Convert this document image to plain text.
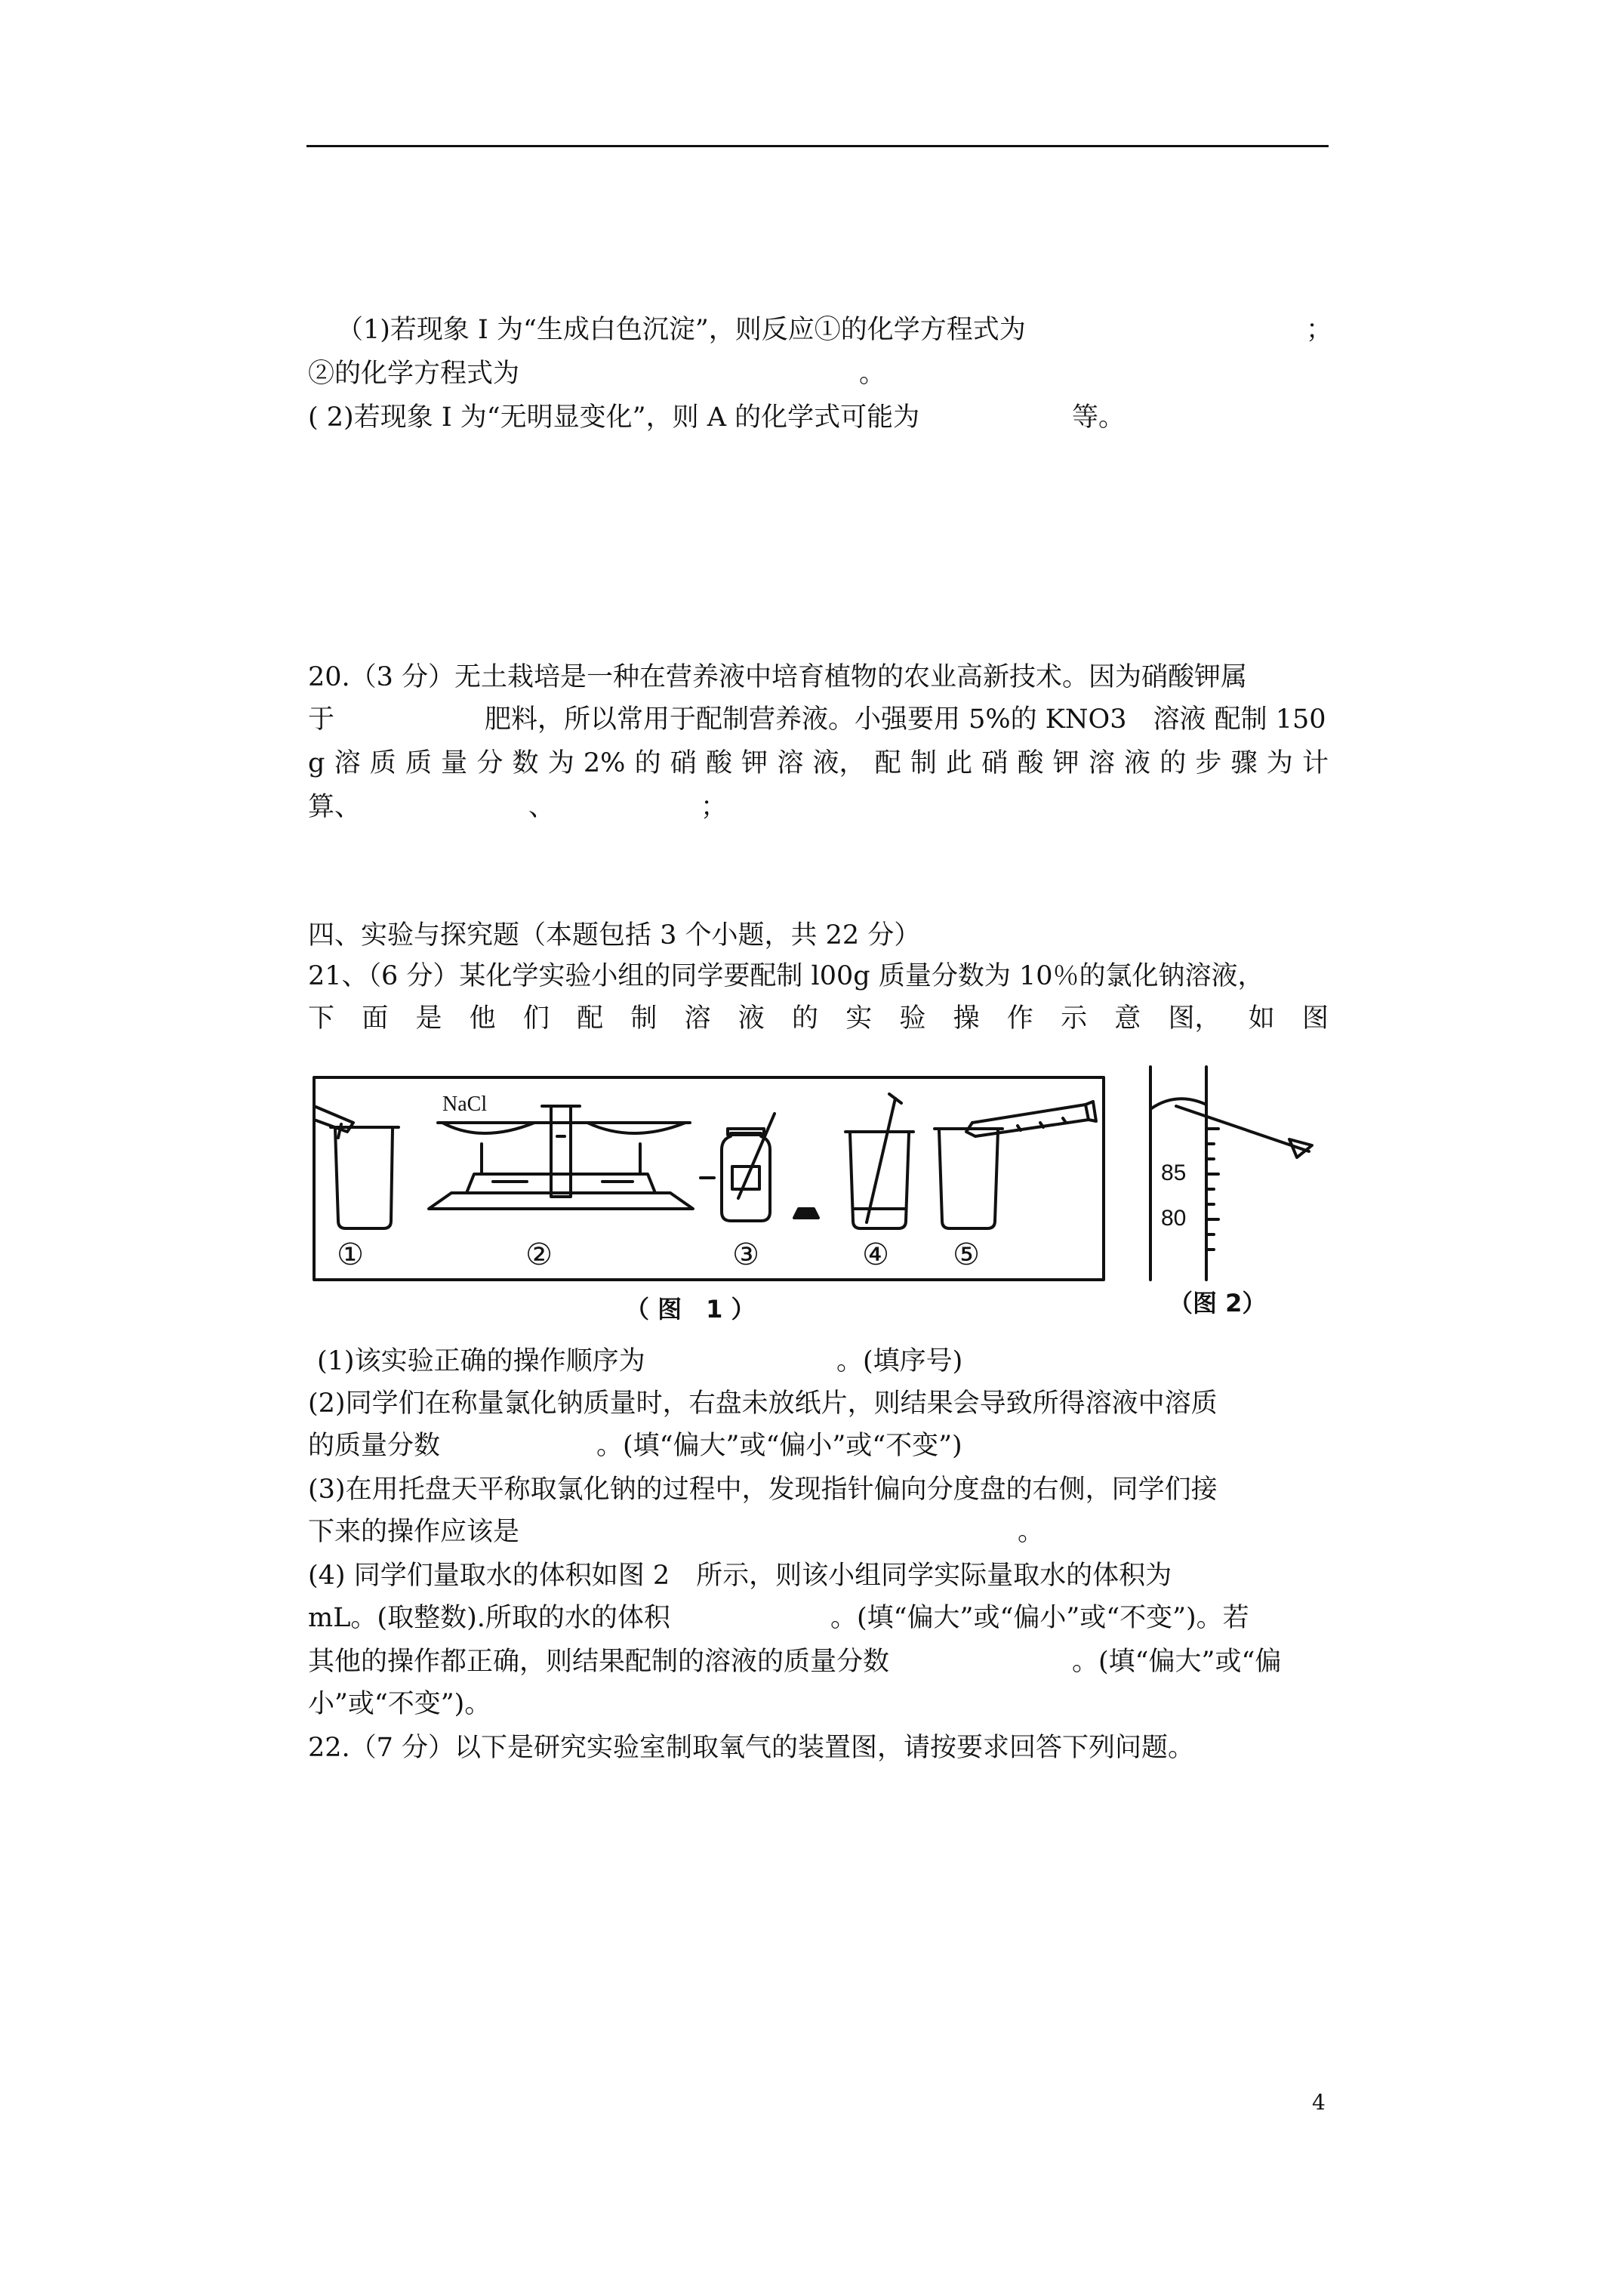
（1)若现象 I 为“生成白色沉淀”，则反应①的化学方程式为	；
②的化学方程式为	。
( 2)若现象 I 为“无明显变化”，则 A 的化学式可能为	等。
20.（3 分）无土栽培是一种在营养液中培育植物的农业高新技术。因为硝酸钾属
于	肥料，所以常用于配制营养液。小强要用 5%的 KNO3　溶液 配制 150
g 溶 质 质 量 分 数 为 2% 的 硝 酸 钾 溶 液， 配 制 此 硝 酸 钾 溶 液 的 步 骤 为 计
算、	、	；
四、实验与探究题（本题包括 3 个小题，共 22 分）
21、（6 分）某化学实验小组的同学要配制 l00g 质量分数为 10％的氯化钠溶液，
下 面 是 他 们 配 制 溶 液 的 实 验 操 作 示 意 图， 如 图
NaCl
85
80
①	②	③	④ ⑤
（ 图　1 ）	（图 2）
(1)该实验正确的操作顺序为	。(填序号)
(2)同学们在称量氯化钠质量时，右盘未放纸片，则结果会导致所得溶液中溶质
的质量分数	。(填“偏大”或“偏小”或“不变”)
(3)在用托盘天平称取氯化钠的过程中，发现指针偏向分度盘的右侧，同学们接
下来的操作应该是	。
(4) 同学们量取水的体积如图 2　所示，则该小组同学实际量取水的体积为
mL。(取整数).所取的水的体积	。(填“偏大”或“偏小”或“不变”)。若
其他的操作都正确，则结果配制的溶液的质量分数	。(填“偏大”或“偏
小”或“不变”)。
22.（7 分）以下是研究实验室制取氧气的装置图，请按要求回答下列问题。
4
